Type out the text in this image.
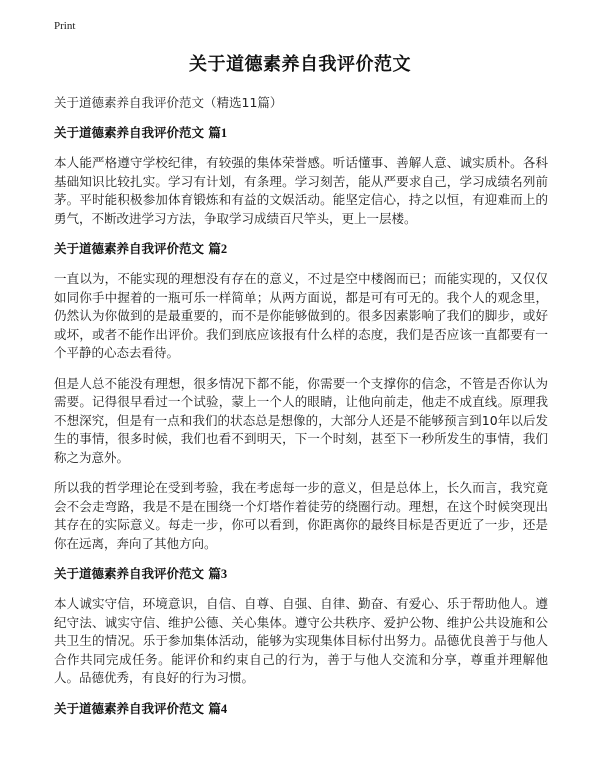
Print
关于道德素养自我评价范文
关于道德素养自我评价范文（精选11篇）
关于道德素养自我评价范文 篇1

本人能严格遵守学校纪律，有较强的集体荣誉感。听话懂事、善解人意、诚实质朴。各科基础知识比较扎实。学习有计划，有条理。学习刻苦，能从严要求自己，学习成绩名列前茅。平时能积极参加体育锻炼和有益的文娱活动。能坚定信心，持之以恒，有迎难而上的勇气，不断改进学习方法，争取学习成绩百尺竿头，更上一层楼。

关于道德素养自我评价范文 篇2

一直以为，不能实现的理想没有存在的意义，不过是空中楼阁而已；而能实现的，又仅仅如同你手中握着的一瓶可乐一样简单；从两方面说，都是可有可无的。我个人的观念里，仍然认为你做到的是最重要的，而不是你能够做到的。很多因素影响了我们的脚步，或好或坏，或者不能作出评价。我们到底应该报有什么样的态度，我们是否应该一直都要有一个平静的心态去看待。

但是人总不能没有理想，很多情况下都不能，你需要一个支撑你的信念，不管是否你认为需要。记得很早看过一个试验，蒙上一个人的眼睛，让他向前走，他走不成直线。原理我不想深究，但是有一点和我们的状态总是想像的，大部分人还是不能够预言到10年以后发生的事情，很多时候，我们也看不到明天，下一个时刻，甚至下一秒所发生的事情，我们称之为意外。

所以我的哲学理论在受到考验，我在考虑每一步的意义，但是总体上，长久而言，我究竟会不会走弯路，我是不是在围绕一个灯塔作着徒劳的绕圈行动。理想，在这个时候突现出其存在的实际意义。每走一步，你可以看到，你距离你的最终目标是否更近了一步，还是你在远离，奔向了其他方向。

关于道德素养自我评价范文 篇3

本人诚实守信，环境意识，自信、自尊、自强、自律、勤奋、有爱心、乐于帮助他人。遵纪守法、诚实守信、维护公德、关心集体。遵守公共秩序、爱护公物、维护公共设施和公共卫生的情况。乐于参加集体活动，能够为实现集体目标付出努力。品德优良善于与他人合作共同完成任务。能评价和约束自己的行为，善于与他人交流和分享，尊重并理解他人。品德优秀，有良好的行为习惯。

关于道德素养自我评价范文 篇4
